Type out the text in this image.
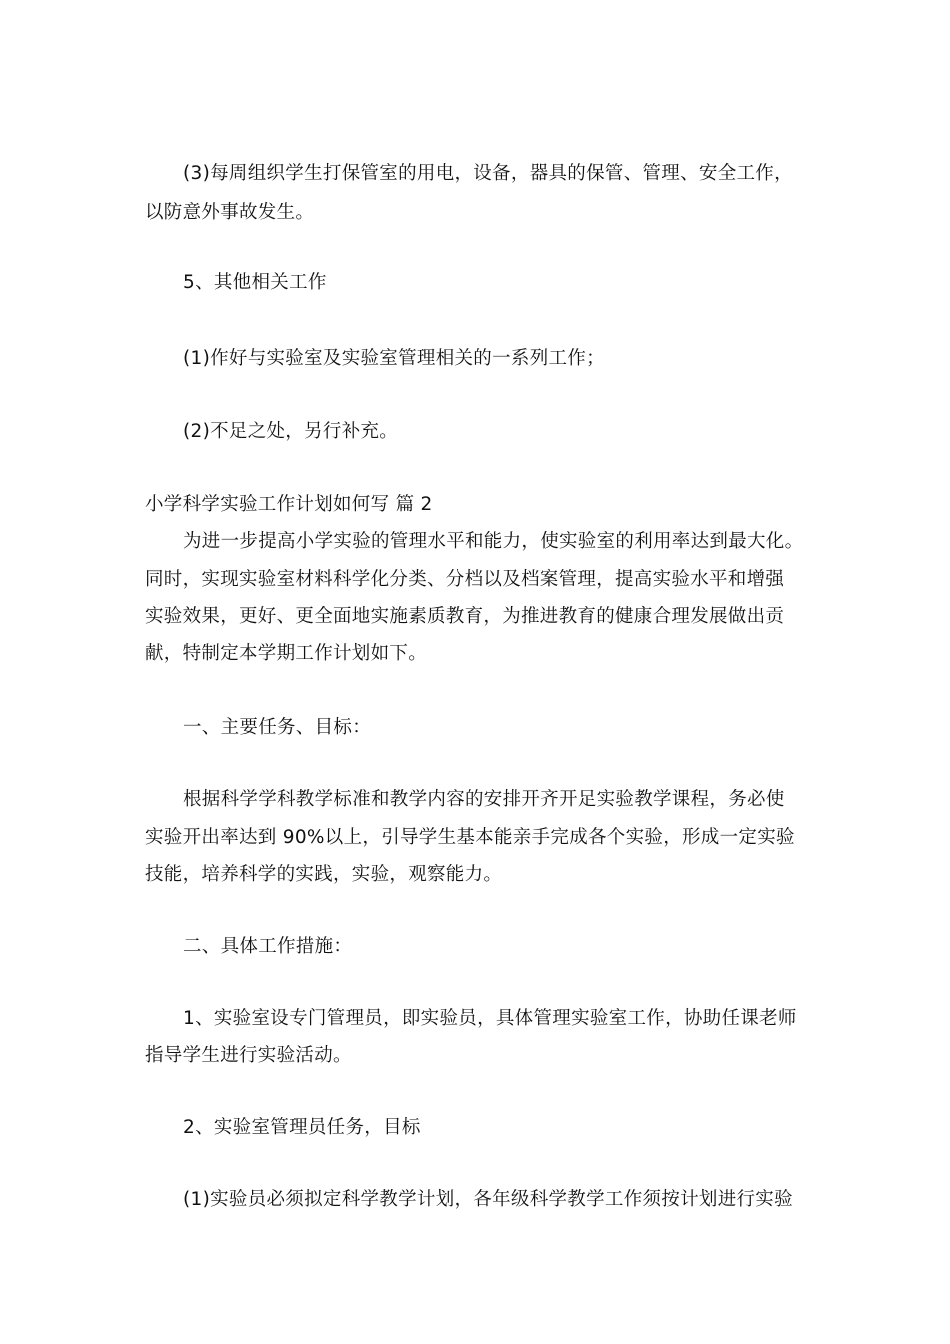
(3)每周组织学生打保管室的用电，设备，器具的保管、管理、安全工作，
以防意外事故发生。
5、其他相关工作
(1)作好与实验室及实验室管理相关的一系列工作；
(2)不足之处，另行补充。
小学科学实验工作计划如何写 篇 2
为进一步提高小学实验的管理水平和能力，使实验室的利用率达到最大化。
同时，实现实验室材料科学化分类、分档以及档案管理，提高实验水平和增强
实验效果，更好、更全面地实施素质教育，为推进教育的健康合理发展做出贡
献，特制定本学期工作计划如下。
一、主要任务、目标：
根据科学学科教学标准和教学内容的安排开齐开足实验教学课程，务必使
实验开出率达到 90%以上，引导学生基本能亲手完成各个实验，形成一定实验
技能，培养科学的实践，实验，观察能力。
二、具体工作措施：
1、实验室设专门管理员，即实验员，具体管理实验室工作，协助任课老师
指导学生进行实验活动。
2、实验室管理员任务，目标
(1)实验员必须拟定科学教学计划，各年级科学教学工作须按计划进行实验
